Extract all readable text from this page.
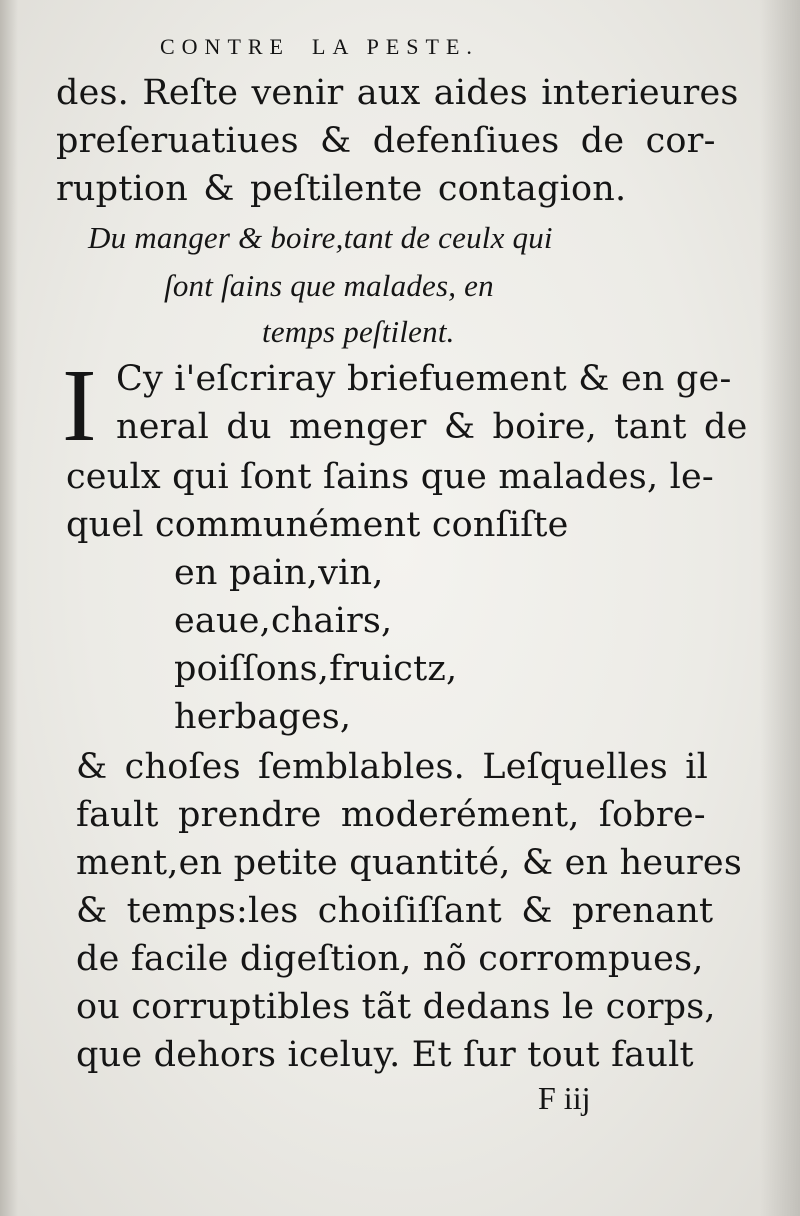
CONTRE LA PESTE.
des. Reſte venir aux aides interieures
preſeruatiues & defenſiues de cor-
ruption & peſtilente contagion.
Du manger & boire,tant de ceulx qui
ſont ſains que malades, en
temps peſtilent.
I Cy i'eſcriray briefuement & en ge-
neral du menger & boire, tant de
ceulx qui ſont ſains que malades, le-
quel communément conſiſte
en pain,vin,
eaue,chairs,
poiſſons,fruictz,
herbages,
& choſes ſemblables. Leſquelles il
fault prendre moderément, ſobre-
ment,en petite quantité, & en heures
& temps:les choiſiſſant & prenant
de facile digeſtion, nõ corrompues,
ou corruptibles tãt dedans le corps,
que dehors iceluy. Et ſur tout fault
F iij
